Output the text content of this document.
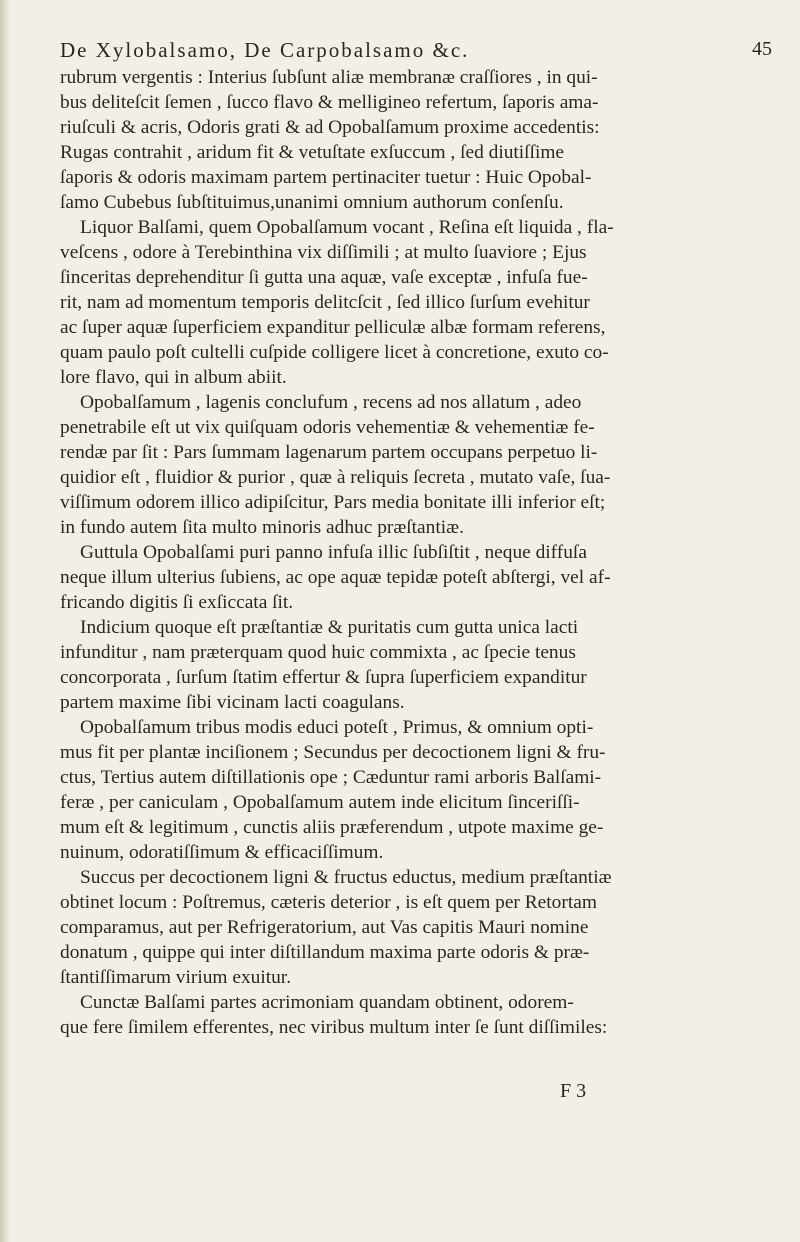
De Xylobalsamo, De Carpobalsamo &c.	45
rubrum vergentis : Interius ſubſunt aliæ membranæ craſſiores , in qui-
bus deliteſcit ſemen , ſucco flavo & melligineo refertum, ſaporis ama-
riuſculi & acris, Odoris grati & ad Opobalſamum proxime accedentis:
Rugas contrahit , aridum fit & vetuſtate exſuccum , ſed diutiſſime
ſaporis & odoris maximam partem pertinaciter tuetur : Huic Opobal-
ſamo Cubebus ſubſtituimus,unanimi omnium authorum conſenſu.
Liquor Balſami, quem Opobalſamum vocant , Reſina eſt liquida , fla-
veſcens , odore à Terebinthina vix diſſimili ; at multo ſuaviore ; Ejus
ſinceritas deprehenditur ſi gutta una aquæ, vaſe exceptæ , infuſa fue-
rit, nam ad momentum temporis delitcſcit , ſed illico ſurſum evehitur
ac ſuper aquæ ſuperficiem expanditur pelliculæ albæ formam referens,
quam paulo poſt cultelli cuſpide colligere licet à concretione, exuto co-
lore flavo, qui in album abiit.
Opobalſamum , lagenis conclufum , recens ad nos allatum , adeo
penetrabile eſt ut vix quiſquam odoris vehementiæ & vehementiæ fe-
rendæ par ſit : Pars ſummam lagenarum partem occupans perpetuo li-
quidior eſt , fluidior & purior , quæ à reliquis ſecreta , mutato vaſe, ſua-
viſſimum odorem illico adipiſcitur, Pars media bonitate illi inferior eſt;
in fundo autem ſita multo minoris adhuc præſtantiæ.
Guttula Opobalſami puri panno infuſa illic ſubſiſtit , neque diffuſa
neque illum ulterius ſubiens, ac ope aquæ tepidæ poteſt abſtergi, vel af-
fricando digitis ſi exſiccata ſit.
Indicium quoque eſt præſtantiæ & puritatis cum gutta unica lacti
infunditur , nam præterquam quod huic commixta , ac ſpecie tenus
concorporata , ſurſum ſtatim effertur & ſupra ſuperficiem expanditur
partem maxime ſibi vicinam lacti coagulans.
Opobalſamum tribus modis educi poteſt , Primus, & omnium opti-
mus fit per plantæ inciſionem ; Secundus per decoctionem ligni & fru-
ctus, Tertius autem diſtillationis ope ; Cæduntur rami arboris Balſami-
feræ , per caniculam , Opobalſamum autem inde elicitum ſinceriſſi-
mum eſt & legitimum , cunctis aliis præferendum , utpote maxime ge-
nuinum, odoratiſſimum & efficaciſſimum.
Succus per decoctionem ligni & fructus eductus, medium præſtantiæ
obtinet locum : Poſtremus, cæteris deterior , is eſt quem per Retortam
comparamus, aut per Refrigeratorium, aut Vas capitis Mauri nomine
donatum , quippe qui inter diſtillandum maxima parte odoris & præ-
ſtantiſſimarum virium exuitur.
Cunctæ Balſami partes acrimoniam quandam obtinent, odorem-
que fere ſimilem efferentes, nec viribus multum inter ſe ſunt diſſimiles:
F 3
